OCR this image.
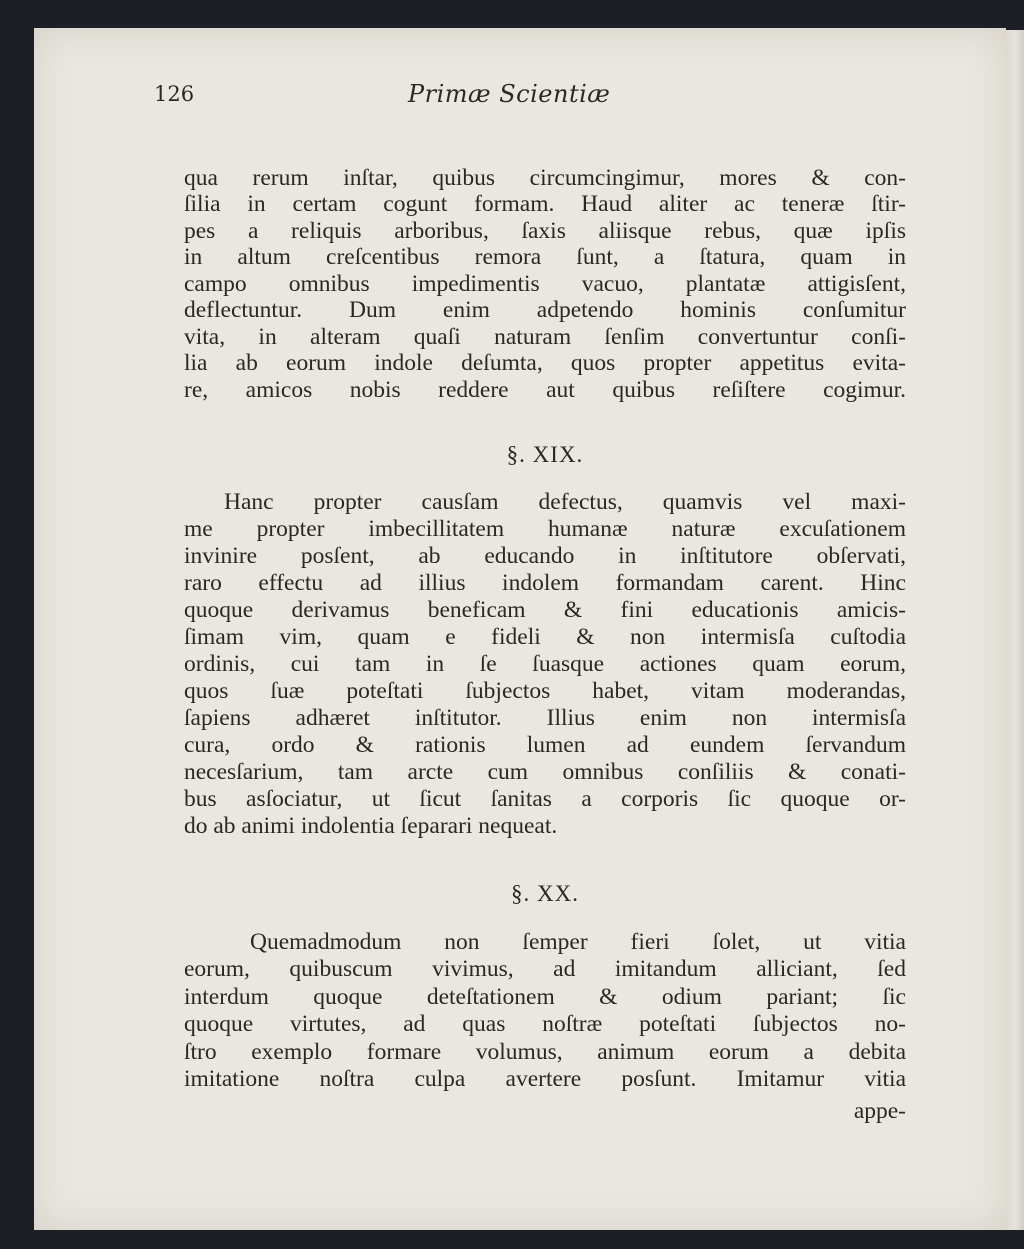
126	Primæ Scientiæ
qua rerum inſtar, quibus circumcingimur, mores & con-
ſilia in certam cogunt formam. Haud aliter ac teneræ ſtir-
pes a reliquis arboribus, ſaxis aliisque rebus, quæ ipſis
in altum creſcentibus remora ſunt, a ſtatura, quam in
campo omnibus impedimentis vacuo, plantatæ attigisſent,
deflectuntur. Dum enim adpetendo hominis conſumitur
vita, in alteram quaſi naturam ſenſim convertuntur conſi-
lia ab eorum indole deſumta, quos propter appetitus evita-
re, amicos nobis reddere aut quibus reſiſtere cogimur.
§. XIX.
Hanc propter causſam defectus, quamvis vel maxi-
me propter imbecillitatem humanæ naturæ excuſationem
invinire posſent, ab educando in inſtitutore obſervati,
raro effectu ad illius indolem formandam carent. Hinc
quoque derivamus beneficam & fini educationis amicis-
ſimam vim, quam e fideli & non intermisſa cuſtodia
ordinis, cui tam in ſe ſuasque actiones quam eorum,
quos ſuæ poteſtati ſubjectos habet, vitam moderandas,
ſapiens adhæret inſtitutor. Illius enim non intermisſa
cura, ordo & rationis lumen ad eundem ſervandum
necesſarium, tam arcte cum omnibus conſiliis & conati-
bus asſociatur, ut ſicut ſanitas a corporis ſic quoque or-
do ab animi indolentia ſeparari nequeat.
§. XX.
Quemadmodum non ſemper fieri ſolet, ut vitia
eorum, quibuscum vivimus, ad imitandum alliciant, ſed
interdum quoque deteſtationem & odium pariant; ſic
quoque virtutes, ad quas noſtræ poteſtati ſubjectos no-
ſtro exemplo formare volumus, animum eorum a debita
imitatione noſtra culpa avertere posſunt. Imitamur vitia
appe-
